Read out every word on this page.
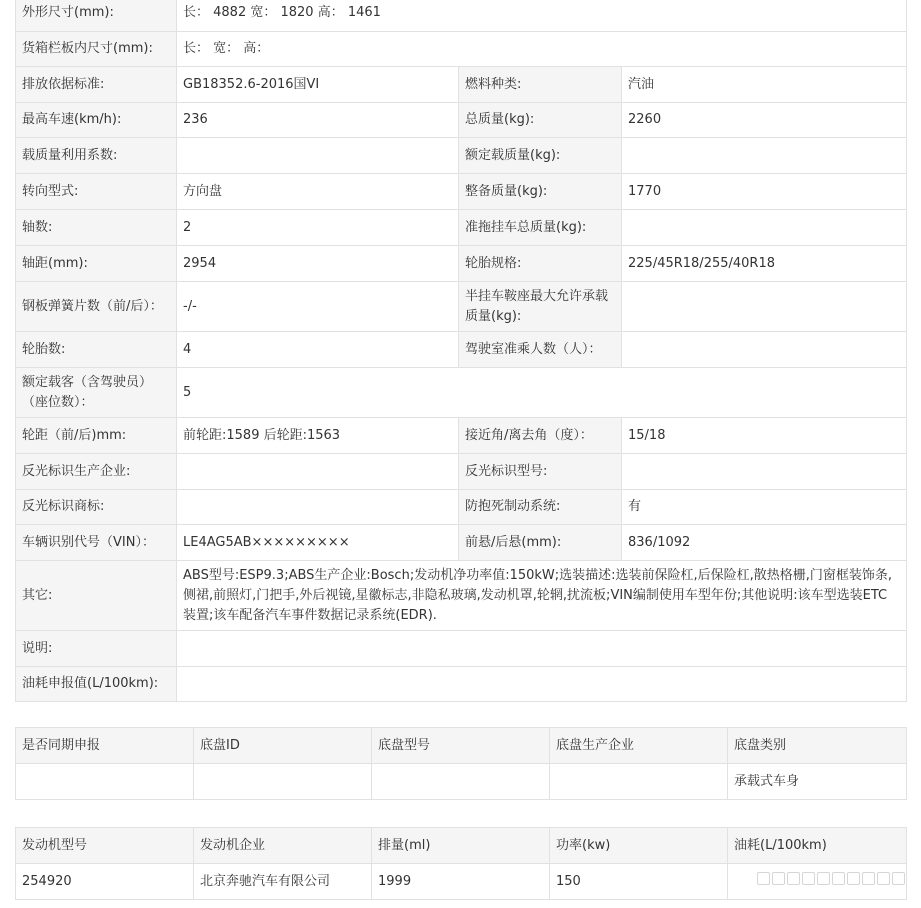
外形尺寸(mm):	长： 4882 宽： 1820 高： 1461		
货箱栏板内尺寸(mm):	长： 宽： 高：		
排放依据标准:	GB18352.6-2016国VI	燃料种类:	汽油
最高车速(km/h):	236	总质量(kg):	2260
载质量利用系数:		额定载质量(kg):	
转向型式:	方向盘	整备质量(kg):	1770
轴数:	2	准拖挂车总质量(kg):	
轴距(mm):	2954	轮胎规格:	225/45R18/255/40R18
钢板弹簧片数（前/后）：	-/-	半挂车鞍座最大允许承载质量(kg):	
轮胎数:	4	驾驶室准乘人数（人）：	
额定载客（含驾驶员）（座位数）：	5		
轮距（前/后)mm:	前轮距:1589 后轮距:1563	接近角/离去角（度）：	15/18
反光标识生产企业:		反光标识型号:	
反光标识商标:		防抱死制动系统:	有
车辆识别代号（VIN）：	LE4AG5AB×××××××××	前悬/后悬(mm):	836/1092
其它:	ABS型号:ESP9.3;ABS生产企业:Bosch;发动机净功率值:150kW;选装描述:选装前保险杠,后保险杠,散热格栅,门窗框装饰条,侧裙,前照灯,门把手,外后视镜,星徽标志,非隐私玻璃,发动机罩,轮辋,扰流板;VIN编制使用车型年份;其他说明:该车型选装ETC装置;该车配备汽车事件数据记录系统(EDR).		
说明:			
油耗申报值(L/100km):			
是否同期申报	底盘ID	底盘型号	底盘生产企业	底盘类别
				承载式车身
发动机型号	发动机企业	排量(ml)	功率(kw)	油耗(L/100km)
254920	北京奔驰汽车有限公司	1999	150	
